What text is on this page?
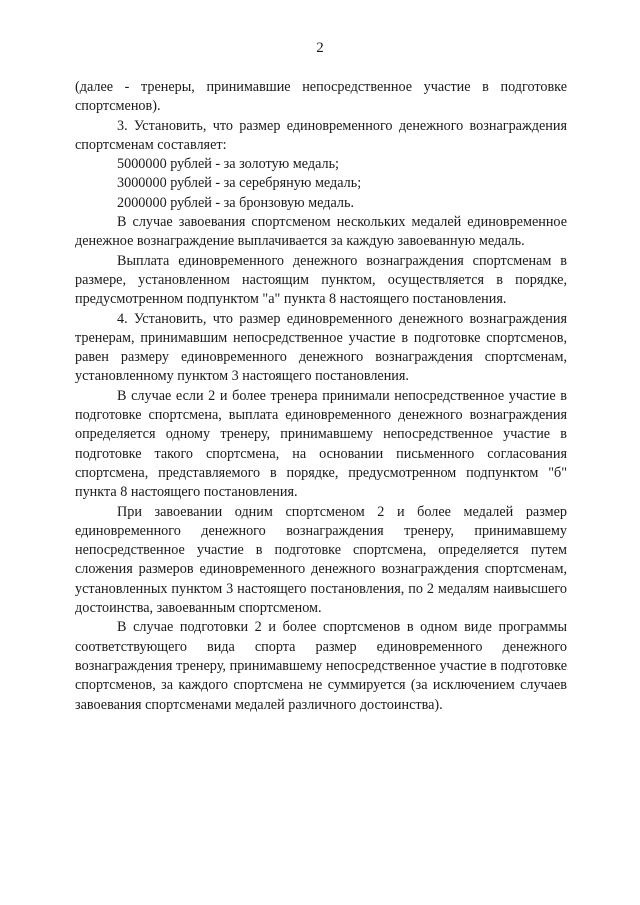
2

(далее - тренеры, принимавшие непосредственное участие в подготовке спортсменов).

3. Установить, что размер единовременного денежного вознаграждения спортсменам составляет:

5000000 рублей - за золотую медаль;

3000000 рублей - за серебряную медаль;

2000000 рублей - за бронзовую медаль.

В случае завоевания спортсменом нескольких медалей единовременное денежное вознаграждение выплачивается за каждую завоеванную медаль.

Выплата единовременного денежного вознаграждения спортсменам в размере, установленном настоящим пунктом, осуществляется в порядке, предусмотренном подпунктом "а" пункта 8 настоящего постановления.

4. Установить, что размер единовременного денежного вознаграждения тренерам, принимавшим непосредственное участие в подготовке спортсменов, равен размеру единовременного денежного вознаграждения спортсменам, установленному пунктом 3 настоящего постановления.

В случае если 2 и более тренера принимали непосредственное участие в подготовке спортсмена, выплата единовременного денежного вознаграждения определяется одному тренеру, принимавшему непосредственное участие в подготовке такого спортсмена, на основании письменного согласования спортсмена, представляемого в порядке, предусмотренном подпунктом "б" пункта 8 настоящего постановления.

При завоевании одним спортсменом 2 и более медалей размер единовременного денежного вознаграждения тренеру, принимавшему непосредственное участие в подготовке спортсмена, определяется путем сложения размеров единовременного денежного вознаграждения спортсменам, установленных пунктом 3 настоящего постановления, по 2 медалям наивысшего достоинства, завоеванным спортсменом.

В случае подготовки 2 и более спортсменов в одном виде программы соответствующего вида спорта размер единовременного денежного вознаграждения тренеру, принимавшему непосредственное участие в подготовке спортсменов, за каждого спортсмена не суммируется (за исключением случаев завоевания спортсменами медалей различного достоинства).
